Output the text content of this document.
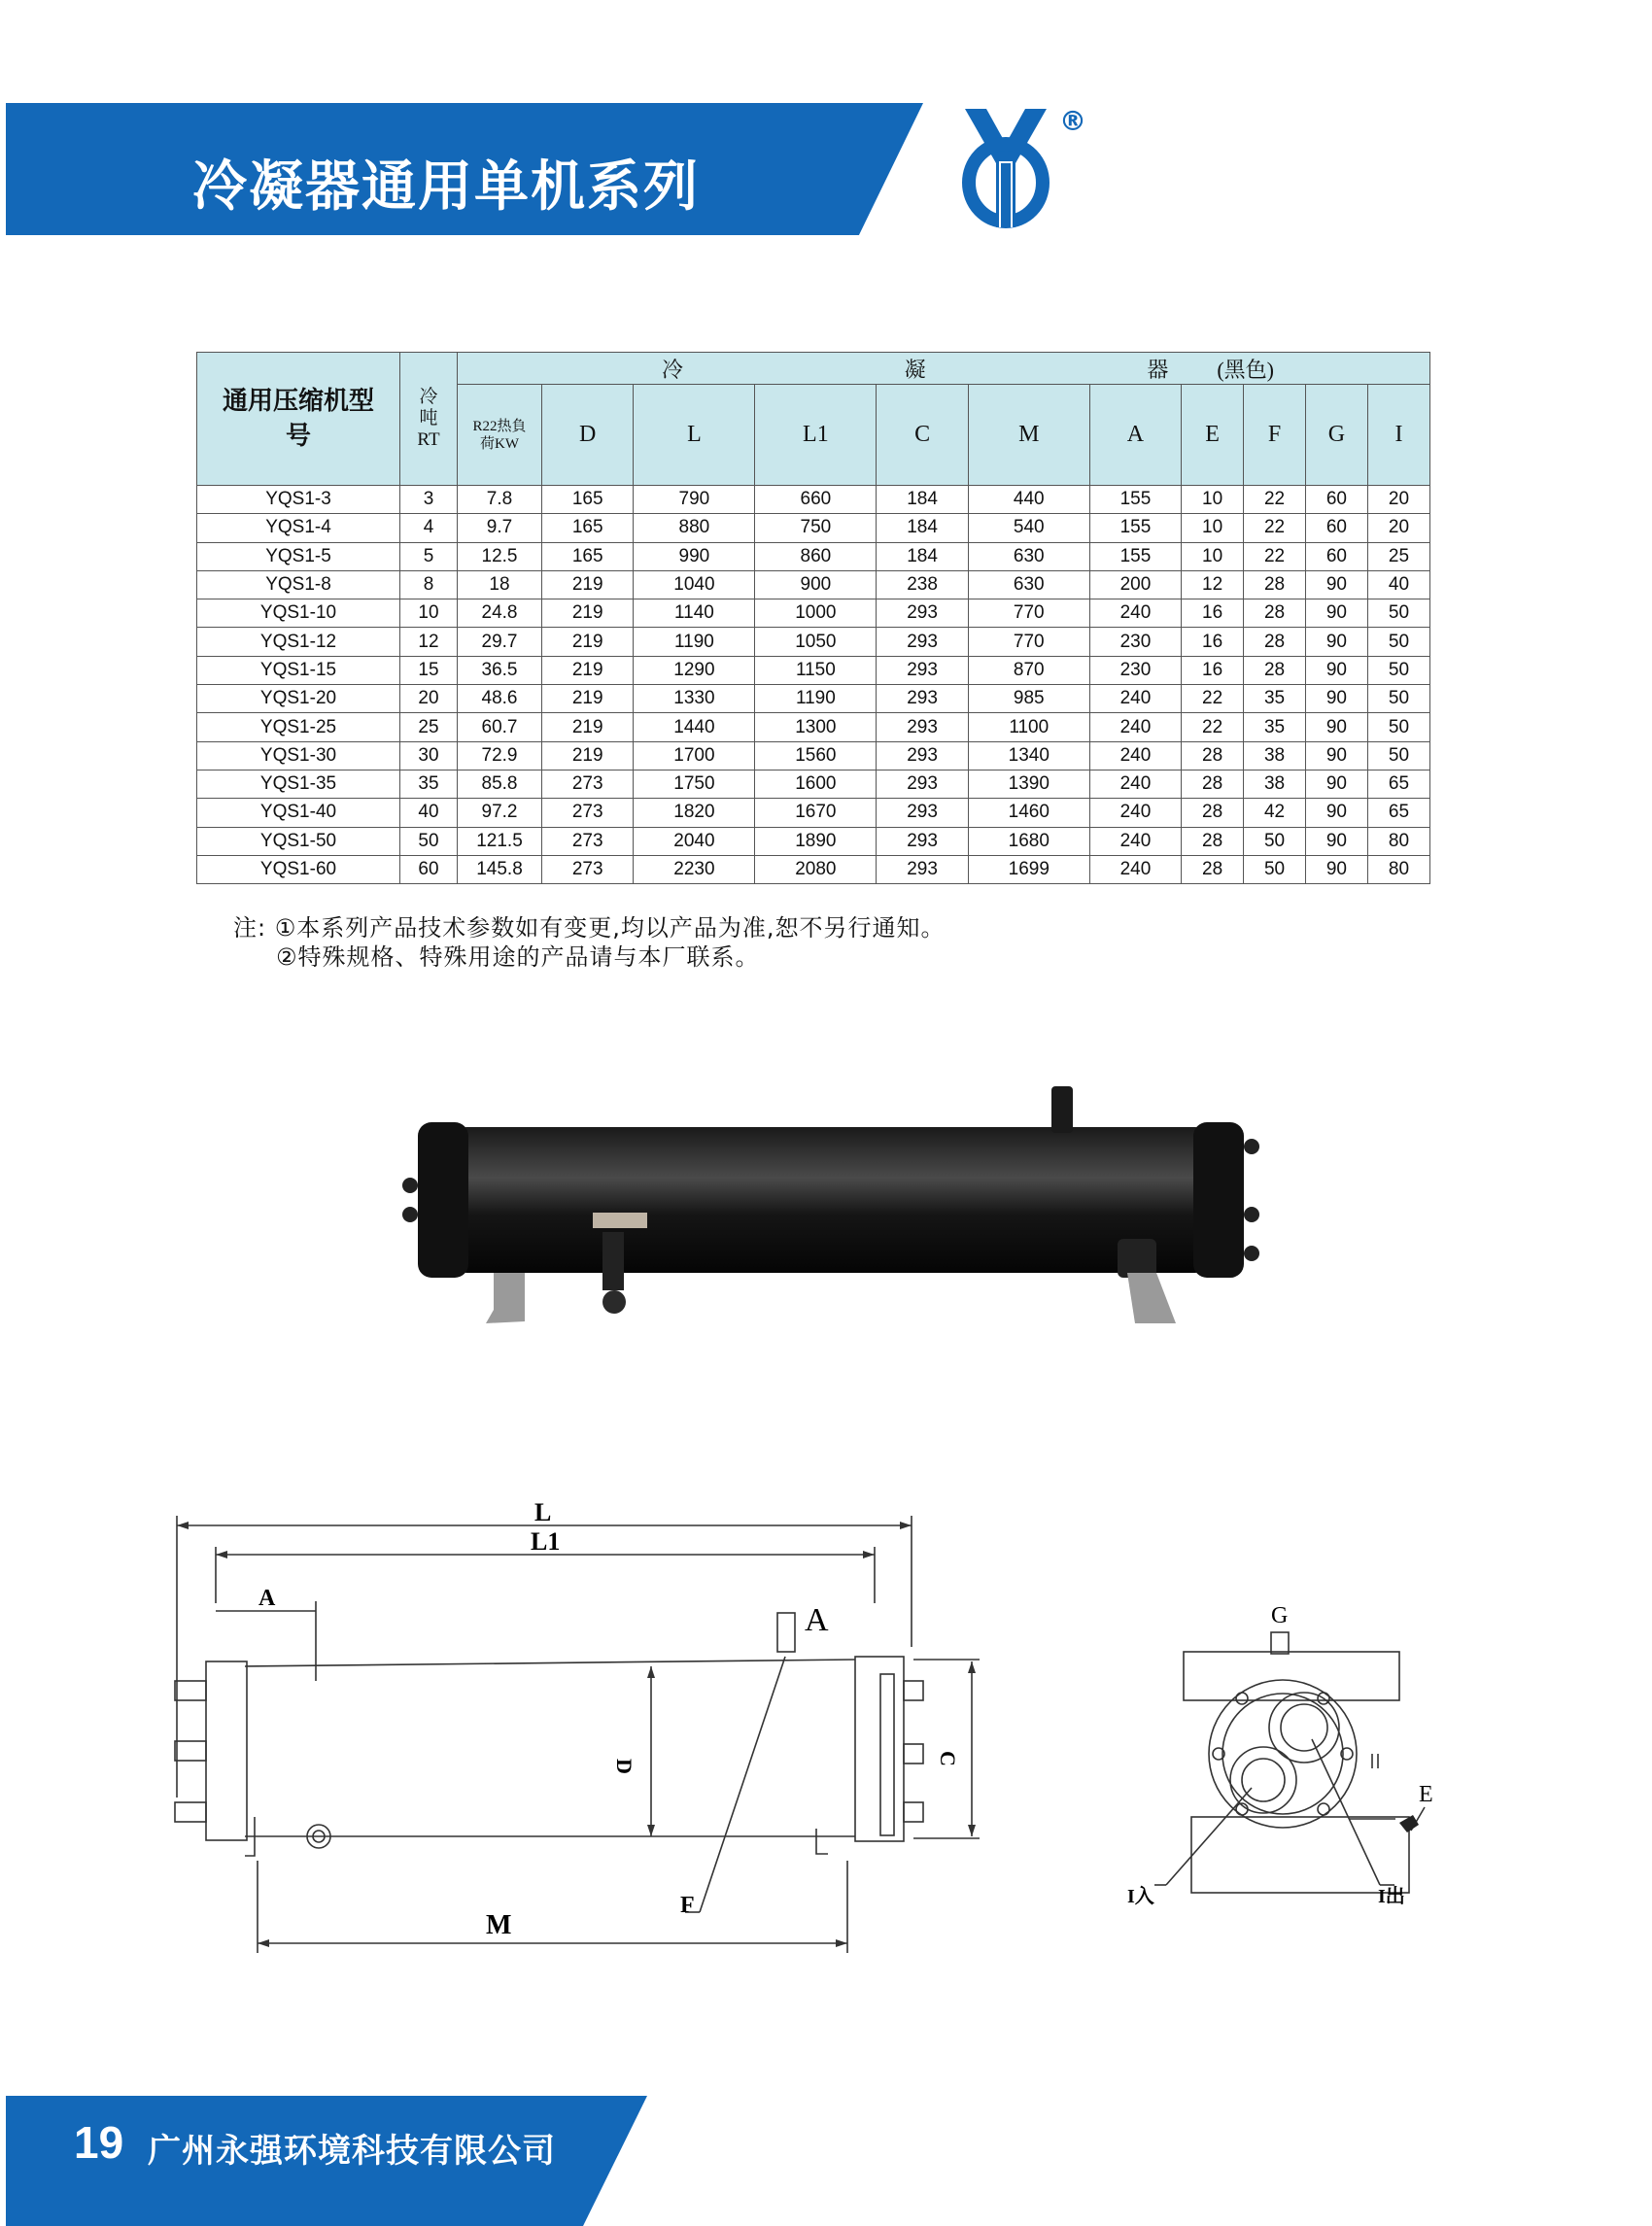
冷凝器通用单机系列
®
通用压缩机型号	冷吨RT	冷 凝 器 (黑色)										

		R22热負荷KW	D	L	L1	C	M	A	E	F	G	I
YQS1-3	3	7.8	165	790	660	184	440	155	10	22	60	20
YQS1-4	4	9.7	165	880	750	184	540	155	10	22	60	20
YQS1-5	5	12.5	165	990	860	184	630	155	10	22	60	25
YQS1-8	8	18	219	1040	900	238	630	200	12	28	90	40
YQS1-10	10	24.8	219	1140	1000	293	770	240	16	28	90	50
YQS1-12	12	29.7	219	1190	1050	293	770	230	16	28	90	50
YQS1-15	15	36.5	219	1290	1150	293	870	230	16	28	90	50
YQS1-20	20	48.6	219	1330	1190	293	985	240	22	35	90	50
YQS1-25	25	60.7	219	1440	1300	293	1100	240	22	35	90	50
YQS1-30	30	72.9	219	1700	1560	293	1340	240	28	38	90	50
YQS1-35	35	85.8	273	1750	1600	293	1390	240	28	38	90	65
YQS1-40	40	97.2	273	1820	1670	293	1460	240	28	42	90	65
YQS1-50	50	121.5	273	2040	1890	293	1680	240	28	50	90	80
YQS1-60	60	145.8	273	2230	2080	293	1699	240	28	50	90	80
注: ①本系列产品技术参数如有变更,均以产品为准,恕不另行通知。
②特殊规格、特殊用途的产品请与本厂联系。
L
L1
A
A
D
C
F
M
G
E
I入	I出
19 广州永强环境科技有限公司
